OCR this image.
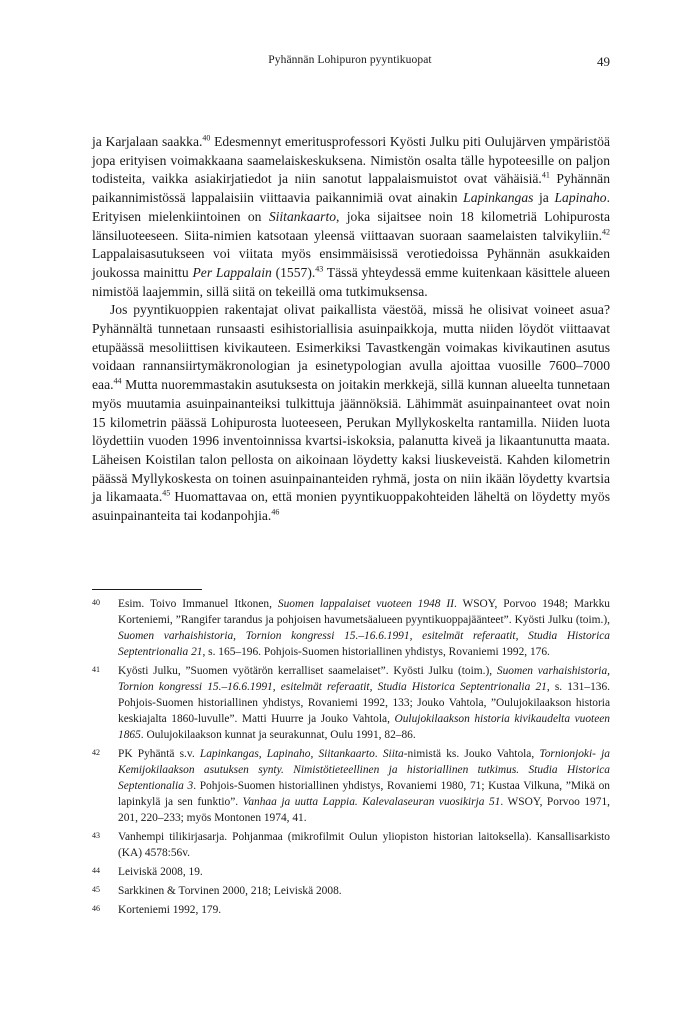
Pyhännän Lohipuron pyyntikuopat	49

ja Karjalaan saakka.$^{40}$ Edesmennyt emeritusprofessori Kyösti Julku piti Oulujärven ympäristöä jopa erityisen voimakkaana saamelaiskeskuksena. Nimistön osalta tälle hypoteesille on paljon todisteita, vaikka asiakirjatiedot ja niin sanotut lappalaismuistot ovat vähäisiä.$^{41}$ Pyhännän paikannimistössä lappalaisiin viittaavia paikannimiä ovat ainakin Lapinkangas ja Lapinaho. Erityisen mielenkiintoinen on Siitankaarto, joka sijaitsee noin 18 kilometriä Lohipurosta länsiluoteeseen. Siita-nimien katsotaan yleensä viittaavan suoraan saamelaisten talvikyliin.$^{42}$ Lappalaisasutukseen voi viitata myös ensimmäisissä verotiedoissa Pyhännän asukkaiden joukossa mainittu Per Lappalain (1557).$^{43}$ Tässä yhteydessä emme kuitenkaan käsittele alueen nimistöä laajemmin, sillä siitä on tekeillä oma tutkimuksensa.

Jos pyyntikuoppien rakentajat olivat paikallista väestöä, missä he olisivat voineet asua? Pyhännältä tunnetaan runsaasti esihistoriallisia asuinpaikkoja, mutta niiden löydöt viittaavat etupäässä mesoliittisen kivikauteen. Esimerkiksi Tavastkengän voimakas kivikautinen asutus voidaan rannansiirtymäkronologian ja esinetypologian avulla ajoittaa vuosille 7600–7000 eaa.$^{44}$ Mutta nuoremmastakin asutuksesta on joitakin merkkejä, sillä kunnan alueelta tunnetaan myös muutamia asuinpainanteiksi tulkittuja jäännöksiä. Lähimmät asuinpainanteet ovat noin 15 kilometrin päässä Lohipurosta luoteeseen, Perukan Myllykoskelta rantamilla. Niiden luota löydettiin vuoden 1996 inventoinnissa kvartsi-iskoksia, palanutta kiveä ja likaantunutta maata. Läheisen Koistilan talon pellosta on aikoinaan löydetty kaksi liuskeveistä. Kahden kilometrin päässä Myllykoskesta on toinen asuinpainanteiden ryhmä, josta on niin ikään löydetty kvartsia ja likamaata.$^{45}$ Huomattavaa on, että monien pyyntikuoppakohteiden läheltä on löydetty myös asuinpainanteita tai kodanpohjia.$^{46}$

40	Esim. Toivo Immanuel Itkonen, Suomen lappalaiset vuoteen 1948 II. WSOY, Porvoo 1948; Markku Korteniemi, ”Rangifer tarandus ja pohjoisen havumetsäalueen pyyntikuoppajäänteet”. Kyösti Julku (toim.), Suomen varhaishistoria, Tornion kongressi 15.–16.6.1991, esitelmät referaatit, Studia Historica Septentrionalia 21, s. 165–196. Pohjois-Suomen historiallinen yhdistys, Rovaniemi 1992, 176.
41	Kyösti Julku, ”Suomen vyötärön kerralliset saamelaiset”. Kyösti Julku (toim.), Suomen varhaishistoria, Tornion kongressi 15.–16.6.1991, esitelmät referaatit, Studia Historica Septentrionalia 21, s. 131–136. Pohjois-Suomen historiallinen yhdistys, Rovaniemi 1992, 133; Jouko Vahtola, ”Oulujokilaakson historia keskiajalta 1860-luvulle”. Matti Huurre ja Jouko Vahtola, Oulujokilaakson historia kivikaudelta vuoteen 1865. Oulujokilaakson kunnat ja seurakunnat, Oulu 1991, 82–86.
42	PK Pyhäntä s.v. Lapinkangas, Lapinaho, Siitankaarto. Siita-nimistä ks. Jouko Vahtola, Tornionjoki- ja Kemijokilaakson asutuksen synty. Nimistötieteellinen ja historiallinen tutkimus. Studia Historica Septentionalia 3. Pohjois-Suomen historiallinen yhdistys, Rovaniemi 1980, 71; Kustaa Vilkuna, ”Mikä on lapinkylä ja sen funktio”. Vanhaa ja uutta Lappia. Kalevalaseuran vuosikirja 51. WSOY, Porvoo 1971, 201, 220–233; myös Montonen 1974, 41.
43	Vanhempi tilikirjasarja. Pohjanmaa (mikrofilmit Oulun yliopiston historian laitoksella). Kansallisarkisto (KA) 4578:56v.
44	Leiviskä 2008, 19.
45	Sarkkinen & Torvinen 2000, 218; Leiviskä 2008.
46	Korteniemi 1992, 179.
